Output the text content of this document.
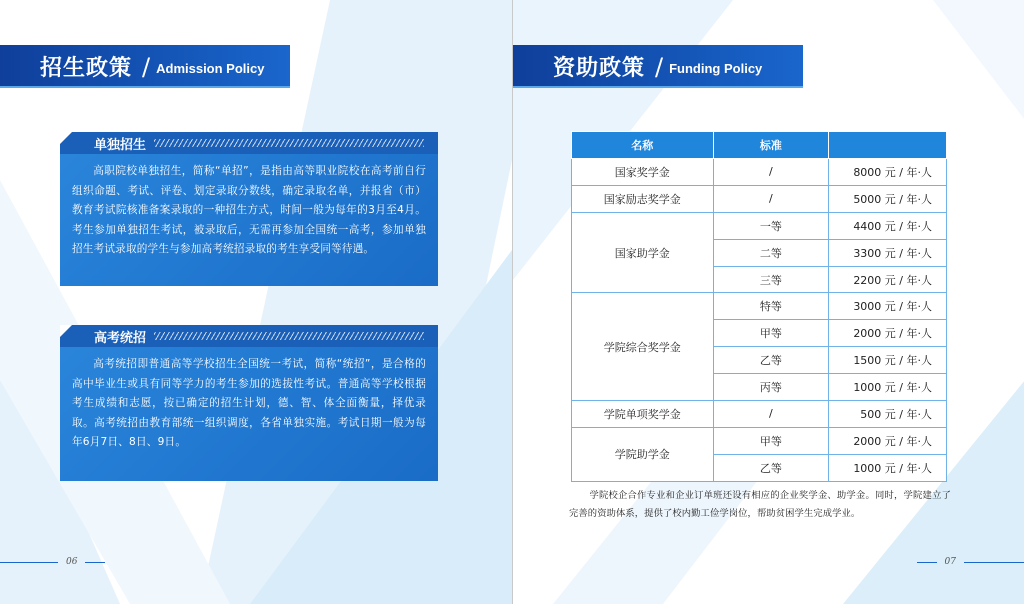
招生政策 / Admission Policy
单独招生
高职院校单独招生，简称“单招”，是指由高等职业院校在高考前自行组织命题、考试、评卷、划定录取分数线，确定录取名单，并报省（市）教育考试院核准备案录取的一种招生方式，时间一般为每年的3月至4月。考生参加单独招生考试，被录取后，无需再参加全国统一高考，参加单独招生考试录取的学生与参加高考统招录取的考生享受同等待遇。
高考统招
高考统招即普通高等学校招生全国统一考试，简称“统招”，是合格的高中毕业生或具有同等学力的考生参加的选拔性考试。普通高等学校根据考生成绩和志愿，按已确定的招生计划，德、智、体全面衡量，择优录取。高考统招由教育部统一组织调度，各省单独实施。考试日期一般为每年6月7日、8日、9日。
06
资助政策 / Funding Policy
名称	标准	
国家奖学金	/	8000 元 / 年·人
国家励志奖学金	/	5000 元 / 年·人
国家助学金	一等	4400 元 / 年·人
	二等	3300 元 / 年·人
	三等	2200 元 / 年·人
学院综合奖学金	特等	3000 元 / 年·人
	甲等	2000 元 / 年·人
	乙等	1500 元 / 年·人
	丙等	1000 元 / 年·人
学院单项奖学金	/	500 元 / 年·人
学院助学金	甲等	2000 元 / 年·人
	乙等	1000 元 / 年·人
学院校企合作专业和企业订单班还设有相应的企业奖学金、助学金。同时，学院建立了完善的资助体系，提供了校内勤工俭学岗位，帮助贫困学生完成学业。
07
